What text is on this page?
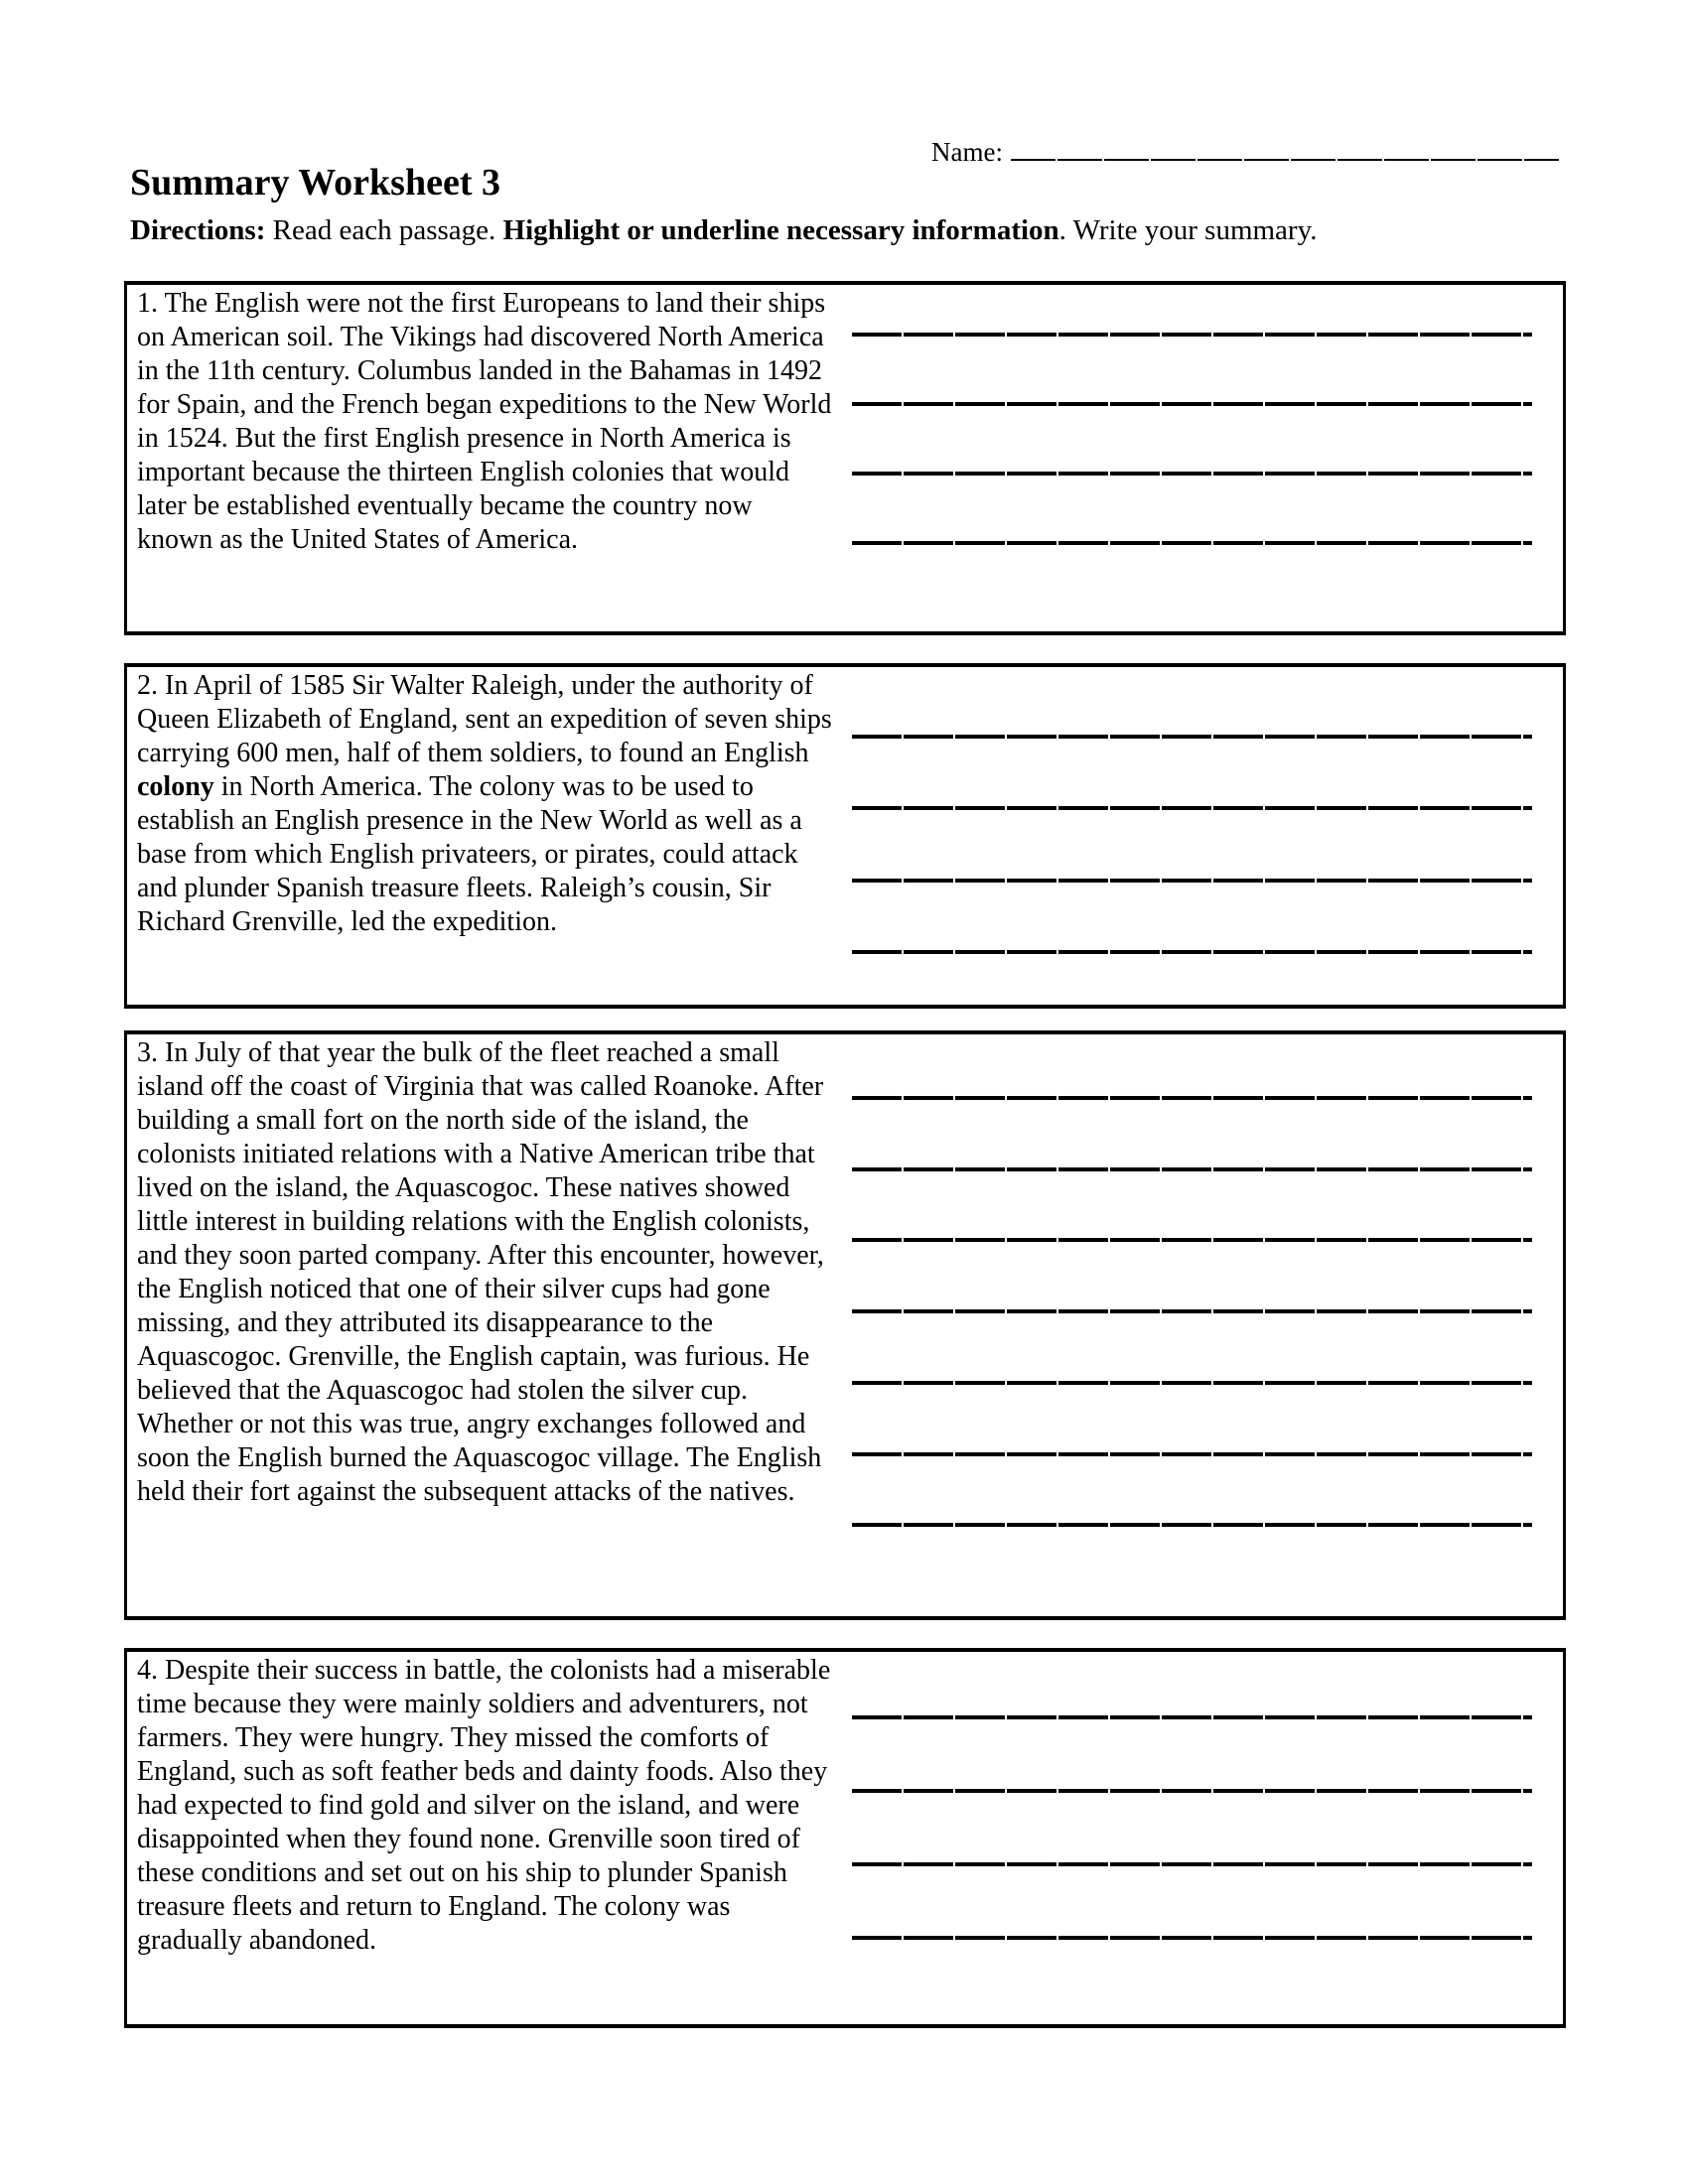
Name:
Summary Worksheet 3

Directions: Read each passage. Highlight or underline necessary information. Write your summary.

1. The English were not the first Europeans to land their ships on American soil. The Vikings had discovered North America in the 11th century. Columbus landed in the Bahamas in 1492 for Spain, and the French began expeditions to the New World in 1524. But the first English presence in North America is important because the thirteen English colonies that would later be established eventually became the country now known as the United States of America.

2. In April of 1585 Sir Walter Raleigh, under the authority of Queen Elizabeth of England, sent an expedition of seven ships carrying 600 men, half of them soldiers, to found an English colony in North America. The colony was to be used to establish an English presence in the New World as well as a base from which English privateers, or pirates, could attack and plunder Spanish treasure fleets. Raleigh’s cousin, Sir Richard Grenville, led the expedition.

3. In July of that year the bulk of the fleet reached a small island off the coast of Virginia that was called Roanoke. After building a small fort on the north side of the island, the colonists initiated relations with a Native American tribe that lived on the island, the Aquascogoc. These natives showed little interest in building relations with the English colonists, and they soon parted company. After this encounter, however, the English noticed that one of their silver cups had gone missing, and they attributed its disappearance to the Aquascogoc. Grenville, the English captain, was furious. He believed that the Aquascogoc had stolen the silver cup. Whether or not this was true, angry exchanges followed and soon the English burned the Aquascogoc village. The English held their fort against the subsequent attacks of the natives.

4. Despite their success in battle, the colonists had a miserable time because they were mainly soldiers and adventurers, not farmers. They were hungry. They missed the comforts of England, such as soft feather beds and dainty foods. Also they had expected to find gold and silver on the island, and were disappointed when they found none. Grenville soon tired of these conditions and set out on his ship to plunder Spanish treasure fleets and return to England. The colony was gradually abandoned.
